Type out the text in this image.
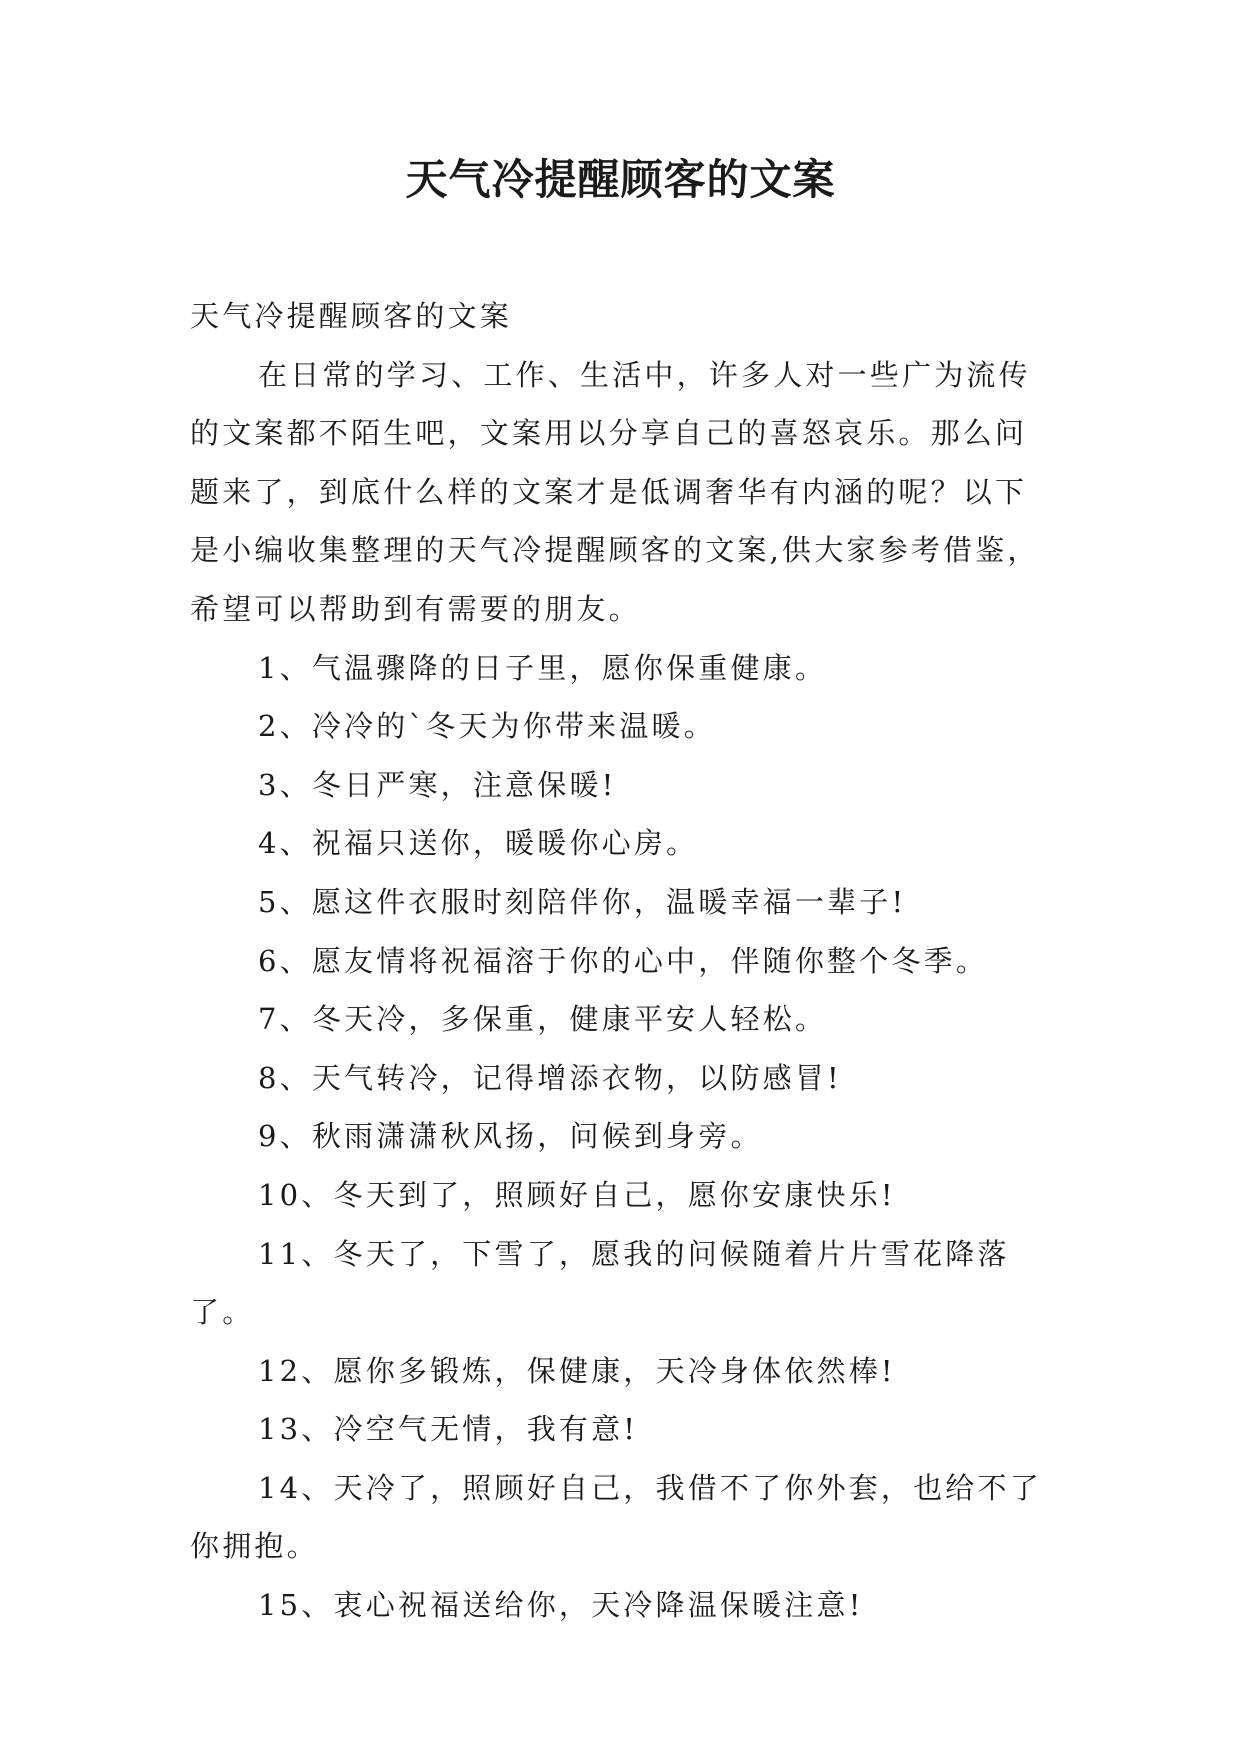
天气冷提醒顾客的文案

天气冷提醒顾客的文案

在日常的学习、工作、生活中，许多人对一些广为流传的文案都不陌生吧，文案用以分享自己的喜怒哀乐。那么问题来了，到底什么样的文案才是低调奢华有内涵的呢？以下是小编收集整理的天气冷提醒顾客的文案,供大家参考借鉴，希望可以帮助到有需要的朋友。

1、气温骤降的日子里，愿你保重健康。

2、冷冷的`冬天为你带来温暖。

3、冬日严寒，注意保暖!

4、祝福只送你，暖暖你心房。

5、愿这件衣服时刻陪伴你，温暖幸福一辈子!

6、愿友情将祝福溶于你的心中，伴随你整个冬季。

7、冬天冷，多保重，健康平安人轻松。

8、天气转冷，记得增添衣物，以防感冒!

9、秋雨潇潇秋风扬，问候到身旁。

10、冬天到了，照顾好自己，愿你安康快乐!

11、冬天了，下雪了，愿我的问候随着片片雪花降落了。

12、愿你多锻炼，保健康，天冷身体依然棒!

13、冷空气无情，我有意!

14、天冷了，照顾好自己，我借不了你外套，也给不了你拥抱。

15、衷心祝福送给你，天冷降温保暖注意!
